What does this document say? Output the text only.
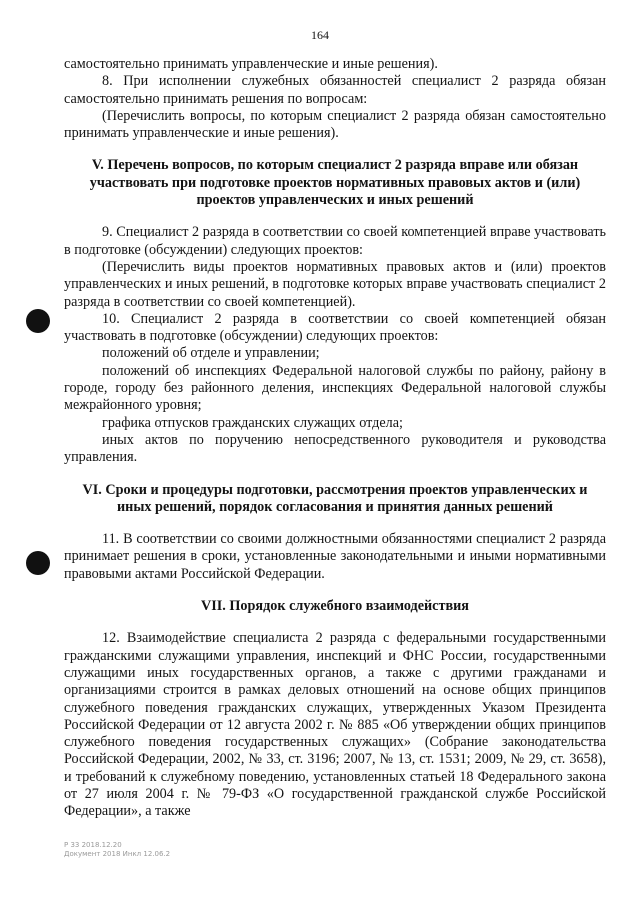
164

самостоятельно принимать управленческие и иные решения).

8. При исполнении служебных обязанностей специалист 2 разряда обязан самостоятельно принимать решения по вопросам:

(Перечислить вопросы, по которым специалист 2 разряда обязан самостоятельно принимать управленческие и иные решения).

V. Перечень вопросов, по которым специалист 2 разряда вправе или обязан участвовать при подготовке проектов нормативных правовых актов и (или) проектов управленческих и иных решений

9. Специалист 2 разряда в соответствии со своей компетенцией вправе участвовать в подготовке (обсуждении) следующих проектов:

(Перечислить виды проектов нормативных правовых актов и (или) проектов управленческих и иных решений, в подготовке которых вправе участвовать специалист 2 разряда в соответствии со своей компетенцией).

10. Специалист 2 разряда в соответствии со своей компетенцией обязан участвовать в подготовке (обсуждении) следующих проектов:

положений об отделе и управлении;

положений об инспекциях Федеральной налоговой службы по району, району в городе, городу без районного деления, инспекциях Федеральной налоговой службы межрайонного уровня;

графика отпусков гражданских служащих отдела;

иных актов по поручению непосредственного руководителя и руководства управления.

VI. Сроки и процедуры подготовки, рассмотрения проектов управленческих и иных решений, порядок согласования и принятия данных решений

11. В соответствии со своими должностными обязанностями специалист 2 разряда принимает решения в сроки, установленные законодательными и иными нормативными правовыми актами Российской Федерации.

VII. Порядок служебного взаимодействия

12. Взаимодействие специалиста 2 разряда с федеральными государственными гражданскими служащими управления, инспекций и ФНС России, государственными служащими иных государственных органов, а также с другими гражданами и организациями строится в рамках деловых отношений на основе общих принципов служебного поведения гражданских служащих, утвержденных Указом Президента Российской Федерации от 12 августа 2002 г. № 885 «Об утверждении общих принципов служебного поведения государственных служащих» (Собрание законодательства Российской Федерации, 2002, № 33, ст. 3196; 2007, № 13, ст. 1531; 2009, № 29, ст. 3658), и требований к служебному поведению, установленных статьей 18 Федерального закона от 27 июля 2004 г. № 79-ФЗ «О государственной гражданской службе Российской Федерации», а также

Р 33 2018.12.20
Документ 2018 Инкл 12.06.2
